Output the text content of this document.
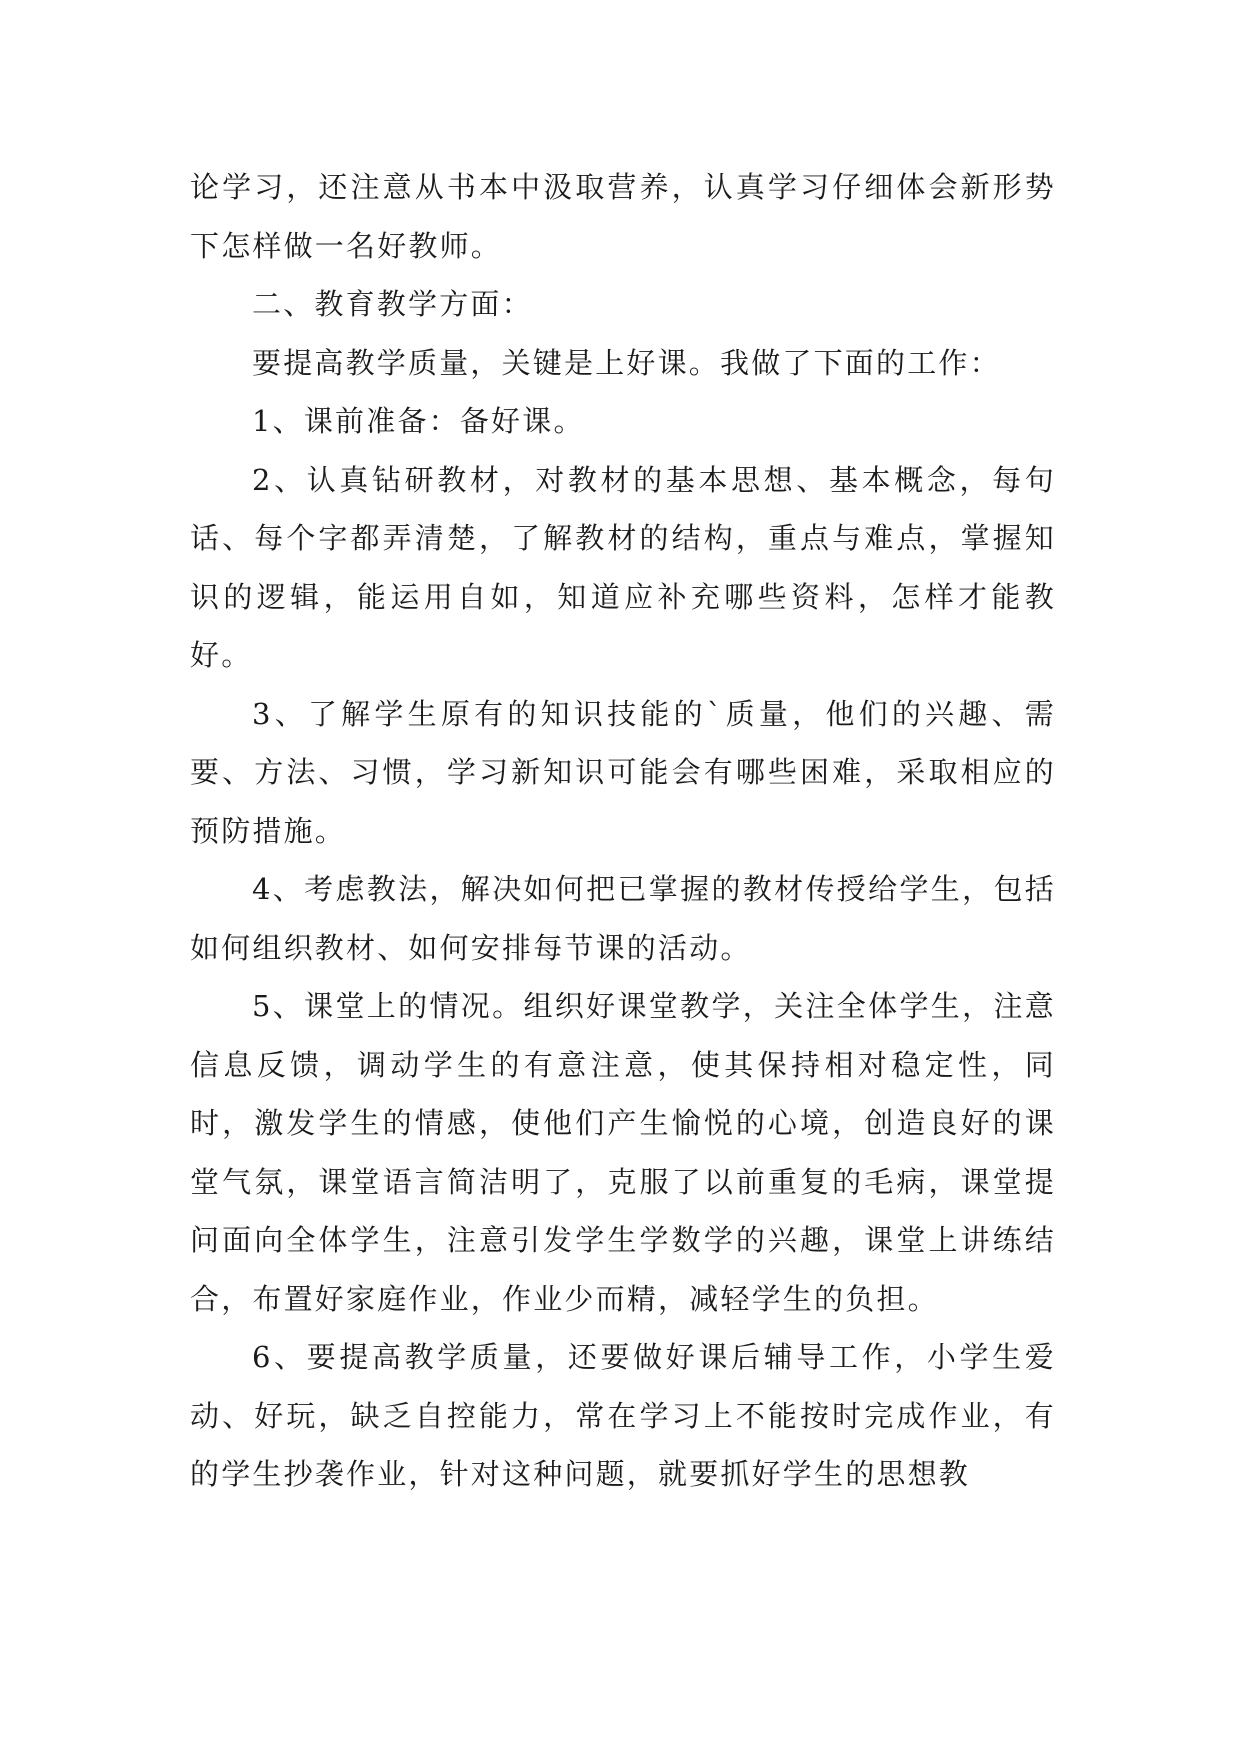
论学习，还注意从书本中汲取营养，认真学习仔细体会新形势下怎样做一名好教师。

二、教育教学方面：

要提高教学质量，关键是上好课。我做了下面的工作：

1、课前准备：备好课。

2、认真钻研教材，对教材的基本思想、基本概念，每句话、每个字都弄清楚，了解教材的结构，重点与难点，掌握知识的逻辑，能运用自如，知道应补充哪些资料，怎样才能教好。

3、了解学生原有的知识技能的`质量，他们的兴趣、需要、方法、习惯，学习新知识可能会有哪些困难，采取相应的预防措施。

4、考虑教法，解决如何把已掌握的教材传授给学生，包括如何组织教材、如何安排每节课的活动。

5、课堂上的情况。组织好课堂教学，关注全体学生，注意信息反馈，调动学生的有意注意，使其保持相对稳定性，同时，激发学生的情感，使他们产生愉悦的心境，创造良好的课堂气氛，课堂语言简洁明了，克服了以前重复的毛病，课堂提问面向全体学生，注意引发学生学数学的兴趣，课堂上讲练结合，布置好家庭作业，作业少而精，减轻学生的负担。

6、要提高教学质量，还要做好课后辅导工作，小学生爱动、好玩，缺乏自控能力，常在学习上不能按时完成作业，有的学生抄袭作业，针对这种问题，就要抓好学生的思想教
